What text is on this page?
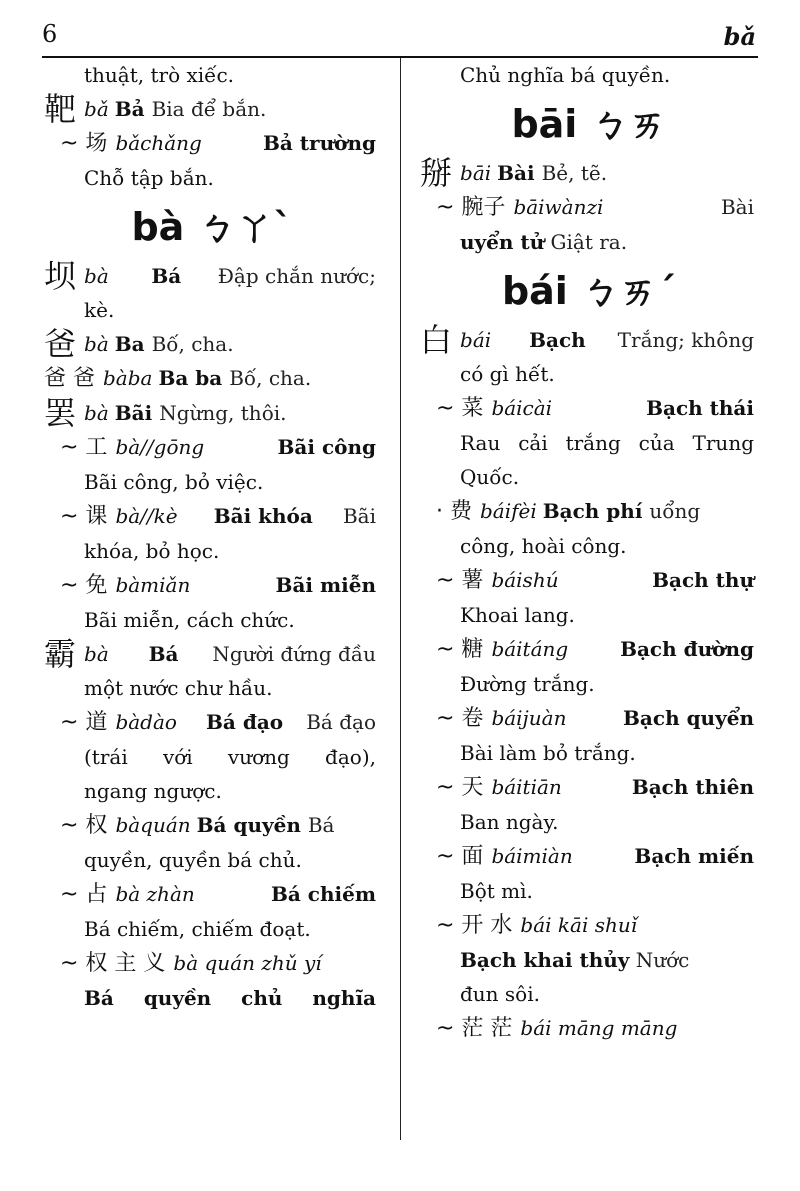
6	bǎ
thuật, trò xiếc.
靶bǎ Bả Bia để bắn.
~ 场 bǎchǎng	Bả trường
Chỗ tập bắn.
bà ㄅㄚˋ
坝bà	Bá Đập chắn nước;
kè.
爸bà Ba Bố, cha.
爸 爸 bàba Ba ba Bố, cha.
罢bà Bãi Ngừng, thôi.
~ 工 bà//gōng	Bãi công
Bãi công, bỏ việc.
~ 课 bà//kè	Bãi khóa Bãi
khóa, bỏ học.
~ 免 bàmiǎn	Bãi miễn
Bãi miễn, cách chức.
霸bà	Bá Người đứng đầu
một nước chư hầu.
~ 道 bàdào	Bá đạo Bá đạo
(trái với vương đạo),
ngang ngược.
~ 权 bàquán Bá quyền Bá
quyền, quyền bá chủ.
~ 占 bà zhàn	Bá chiếm
Bá chiếm, chiếm đoạt.
~ 权 主 义 bà quán zhǔ yí
Bá quyền chủ nghĩa
Chủ nghĩa bá quyền.
bāi ㄅㄞ
掰bāi Bài Bẻ, tẽ.
~ 腕子 bāiwànzi	Bài
uyển tử Giật ra.
bái ㄅㄞˊ
白bái	Bạch Trắng; không
có gì hết.
~ 菜 báicài	Bạch thái
Rau cải trắng của Trung
Quốc.
· 费 báifèi Bạch phí uổng
công, hoài công.
~ 薯 báishú	Bạch thự
Khoai lang.
~ 糖 báitáng	Bạch đường
Đường trắng.
~ 卷 báijuàn	Bạch quyển
Bài làm bỏ trắng.
~ 天 báitiān	Bạch thiên
Ban ngày.
~ 面 báimiàn	Bạch miến
Bột mì.
~ 开 水 bái kāi shuǐ
Bạch khai thủy Nước
đun sôi.
~ 茫 茫 bái māng māng
